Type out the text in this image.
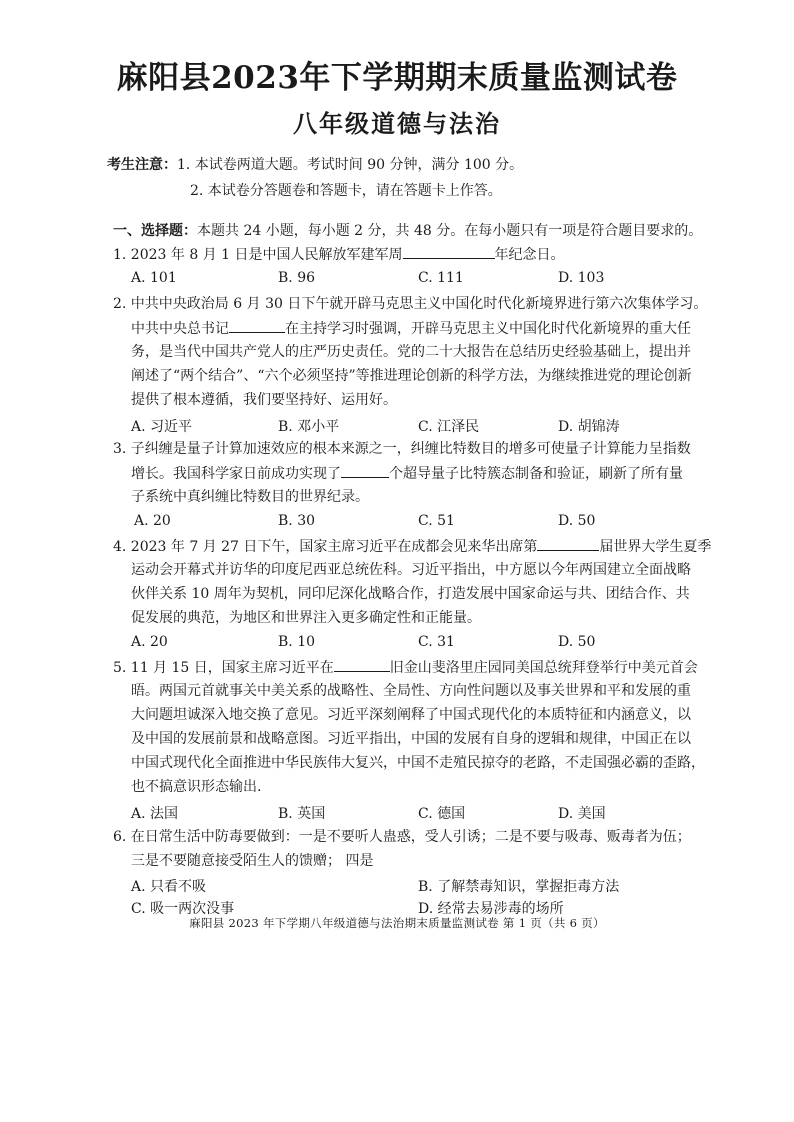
麻阳县2023年下学期期末质量监测试卷
八年级道德与法治
考生注意：1. 本试卷两道大题。考试时间 90 分钟，满分 100 分。
2. 本试卷分答题卷和答题卡，请在答题卡上作答。
一、选择题：本题共 24 小题，每小题 2 分，共 48 分。在每小题只有一项是符合题目要求的。
1. 2023 年 8 月 1 日是中国人民解放军建军周	年纪念日。
A. 101	B. 96	C. 111	D. 103
2. 中共中央政治局 6 月 30 日下午就开辟马克思主义中国化时代化新境界进行第六次集体学习。
中共中央总书记	在主持学习时强调，开辟马克思主义中国化时代化新境界的重大任
务，是当代中国共产党人的庄严历史责任。党的二十大报告在总结历史经验基础上，提出并
阐述了“两个结合”、“六个必须坚持”等推进理论创新的科学方法，为继续推进党的理论创新
提供了根本遵循，我们要坚持好、运用好。
A. 习近平	B. 邓小平	C. 江泽民	D. 胡锦涛
3. 子纠缠是量子计算加速效应的根本来源之一，纠缠比特数目的增多可使量子计算能力呈指数
增长。我国科学家日前成功实现了	个超导量子比特簇态制备和验证，刷新了所有量
子系统中真纠缠比特数目的世界纪录。
A. 20	B. 30	C. 51	D. 50
4. 2023 年 7 月 27 日下午，国家主席习近平在成都会见来华出席第	届世界大学生夏季
运动会开幕式并访华的印度尼西亚总统佐科。习近平指出，中方愿以今年两国建立全面战略
伙伴关系 10 周年为契机，同印尼深化战略合作，打造发展中国家命运与共、团结合作、共
促发展的典范，为地区和世界注入更多确定性和正能量。
A. 20	B. 10	C. 31	D. 50
5. 11 月 15 日，国家主席习近平在	旧金山斐洛里庄园同美国总统拜登举行中美元首会
晤。两国元首就事关中美关系的战略性、全局性、方向性问题以及事关世界和平和发展的重
大问题坦诚深入地交换了意见。习近平深刻阐释了中国式现代化的本质特征和内涵意义，以
及中国的发展前景和战略意图。习近平指出，中国的发展有自身的逻辑和规律，中国正在以
中国式现代化全面推进中华民族伟大复兴，中国不走殖民掠夺的老路，不走国强必霸的歪路，
也不搞意识形态输出.
A. 法国	B. 英国	C. 德国	D. 美国
6. 在日常生活中防毒要做到：一是不要听人蛊惑，受人引诱；二是不要与吸毒、贩毒者为伍；
三是不要随意接受陌生人的馈赠； 四是
A. 只看不吸	B. 了解禁毒知识，掌握拒毒方法
C. 吸一两次没事	D. 经常去易涉毒的场所
麻阳县 2023 年下学期八年级道德与法治期末质量监测试卷 第 1 页（共 6 页）
